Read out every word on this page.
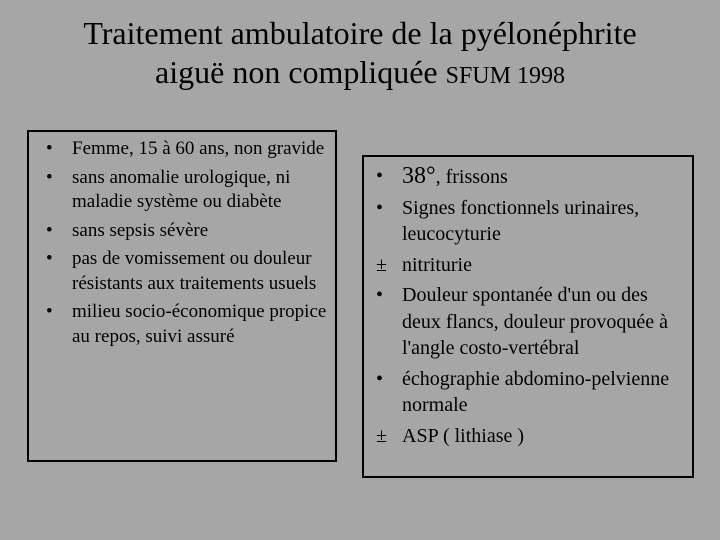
Traitement ambulatoire de la pyélonéphrite
aiguë non compliquée SFUM 1998
• Femme, 15 à 60 ans, non gravide
• sans anomalie urologique, ni maladie système ou diabète
• sans sepsis sévère
• pas de vomissement ou douleur résistants aux traitements usuels
• milieu socio-économique propice au repos, suivi assuré
• 38°, frissons
• Signes fonctionnels urinaires, leucocyturie
± nitriturie
• Douleur spontanée d'un ou des deux flancs, douleur provoquée à l'angle costo-vertébral
• échographie abdomino-pelvienne normale
± ASP ( lithiase )
